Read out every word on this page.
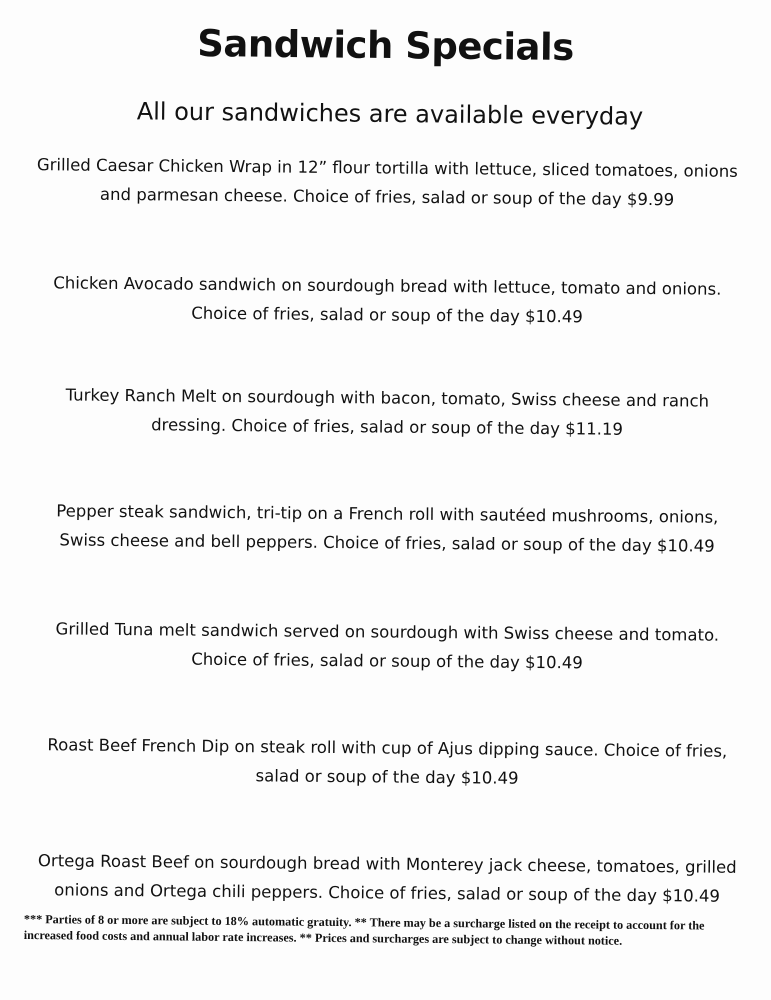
Sandwich Specials
All our sandwiches are available everyday
Grilled Caesar Chicken Wrap in 12” flour tortilla with lettuce, sliced tomatoes, onions
and parmesan cheese. Choice of fries, salad or soup of the day $9.99
Chicken Avocado sandwich on sourdough bread with lettuce, tomato and onions.
Choice of fries, salad or soup of the day $10.49
Turkey Ranch Melt on sourdough with bacon, tomato, Swiss cheese and ranch
dressing. Choice of fries, salad or soup of the day $11.19
Pepper steak sandwich, tri-tip on a French roll with sautéed mushrooms, onions,
Swiss cheese and bell peppers. Choice of fries, salad or soup of the day $10.49
Grilled Tuna melt sandwich served on sourdough with Swiss cheese and tomato.
Choice of fries, salad or soup of the day $10.49
Roast Beef French Dip on steak roll with cup of Ajus dipping sauce. Choice of fries,
salad or soup of the day $10.49
Ortega Roast Beef on sourdough bread with Monterey jack cheese, tomatoes, grilled
onions and Ortega chili peppers. Choice of fries, salad or soup of the day $10.49
*** Parties of 8 or more are subject to 18% automatic gratuity. ** There may be a surcharge listed on the receipt to account for the increased food costs and annual labor rate increases. ** Prices and surcharges are subject to change without notice.
